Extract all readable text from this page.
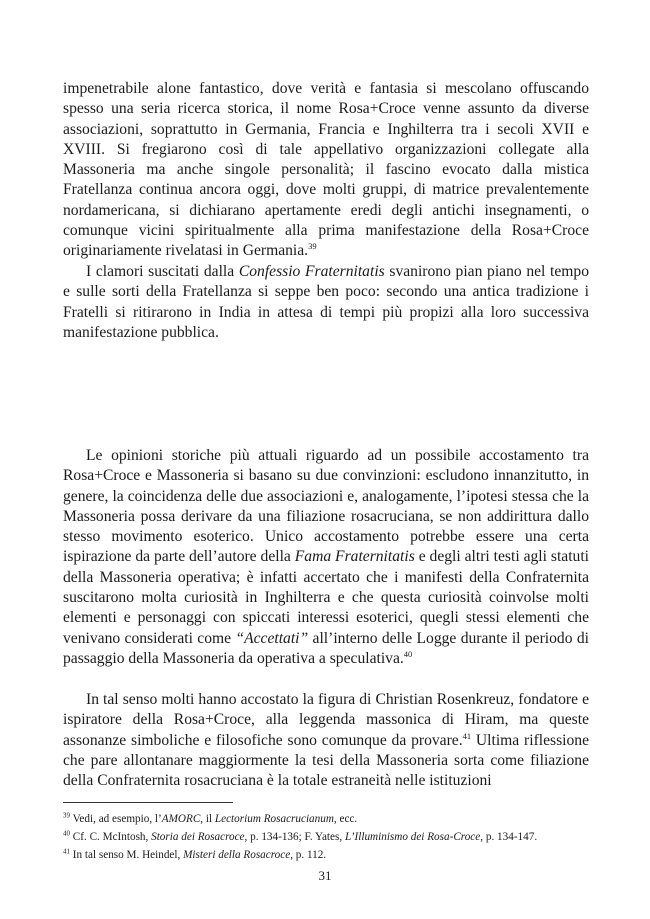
impenetrabile alone fantastico, dove verità e fantasia si mescolano offuscando spesso una seria ricerca storica, il nome Rosa+Croce venne assunto da diverse associazioni, soprattutto in Germania, Francia e Inghilterra tra i secoli XVII e XVIII. Si fregiarono così di tale appellativo organizzazioni collegate alla Massoneria ma anche singole personalità; il fascino evocato dalla mistica Fratellanza continua ancora oggi, dove molti gruppi, di matrice prevalentemente nordamericana, si dichiarano apertamente eredi degli antichi insegnamenti, o comunque vicini spiritualmente alla prima manifestazione della Rosa+Croce originariamente rivelatasi in Germania.$^{39}$

I clamori suscitati dalla Confessio Fraternitatis svanirono pian piano nel tempo e sulle sorti della Fratellanza si seppe ben poco: secondo una antica tradizione i Fratelli si ritirarono in India in attesa di tempi più propizi alla loro successiva manifestazione pubblica.

Le opinioni storiche più attuali riguardo ad un possibile accostamento tra Rosa+Croce e Massoneria si basano su due convinzioni: escludono innanzitutto, in genere, la coincidenza delle due associazioni e, analogamente, l’ipotesi stessa che la Massoneria possa derivare da una filiazione rosacruciana, se non addirittura dallo stesso movimento esoterico. Unico accostamento potrebbe essere una certa ispirazione da parte dell’autore della Fama Fraternitatis e degli altri testi agli statuti della Massoneria operativa; è infatti accertato che i manifesti della Confraternita suscitarono molta curiosità in Inghilterra e che questa curiosità coinvolse molti elementi e personaggi con spiccati interessi esoterici, quegli stessi elementi che venivano considerati come “Accettati” all’interno delle Logge durante il periodo di passaggio della Massoneria da operativa a speculativa.$^{40}$

In tal senso molti hanno accostato la figura di Christian Rosenkreuz, fondatore e ispiratore della Rosa+Croce, alla leggenda massonica di Hiram, ma queste assonanze simboliche e filosofiche sono comunque da provare.$^{41}$ Ultima riflessione che pare allontanare maggiormente la tesi della Massoneria sorta come filiazione della Confraternita rosacruciana è la totale estraneità nelle istituzioni

$^{39}$ Vedi, ad esempio, l’AMORC, il Lectorium Rosacrucianum, ecc.
$^{40}$ Cf. C. McIntosh, Storia dei Rosacroce, p. 134-136; F. Yates, L’Illuminismo dei Rosa-Croce, p. 134-147.
$^{41}$ In tal senso M. Heindel, Misteri della Rosacroce, p. 112.
31
